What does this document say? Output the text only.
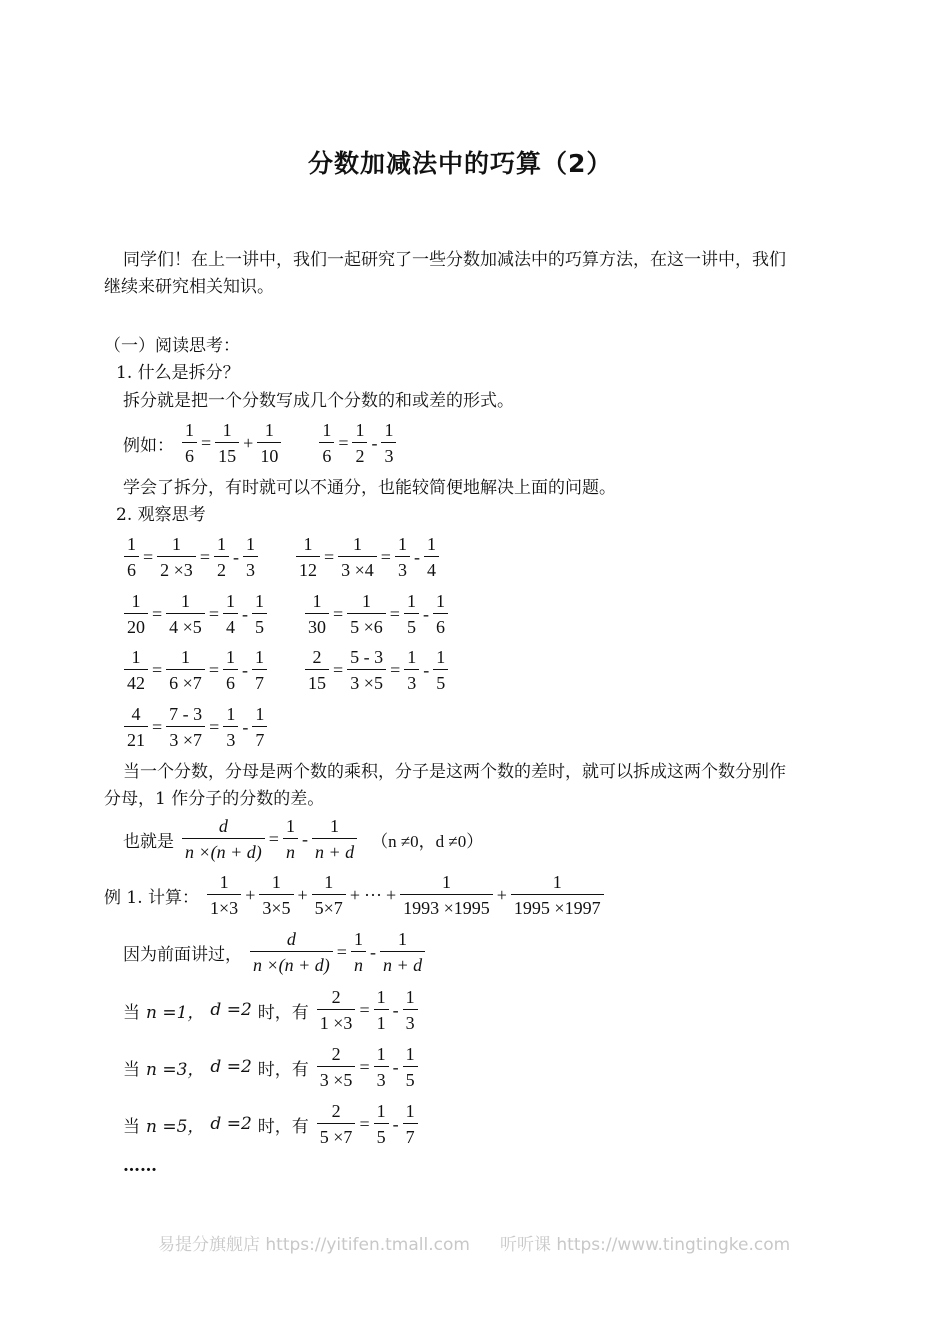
分数加减法中的巧算（2）
同学们！在上一讲中，我们一起研究了一些分数加减法中的巧算方法，在这一讲中，我们
继续来研究相关知识。
（一）阅读思考：
1. 什么是拆分？
拆分就是把一个分数写成几个分数的和或差的形式。
例如： $\frac{1}{6} = \frac{1}{15} + \frac{1}{10} \frac{1}{6} = \frac{1}{2} - \frac{1}{3}$
学会了拆分，有时就可以不通分，也能较简便地解决上面的问题。
2. 观察思考
$\frac{1}{6} = \frac{1}{2 \times 3} = \frac{1}{2} - \frac{1}{3} \frac{1}{12} = \frac{1}{3 \times 4} = \frac{1}{3} - \frac{1}{4}$
$\frac{1}{20} = \frac{1}{4 \times 5} = \frac{1}{4} - \frac{1}{5} \frac{1}{30} = \frac{1}{5 \times 6} = \frac{1}{5} - \frac{1}{6}$
$\frac{1}{42} = \frac{1}{6 \times 7} = \frac{1}{6} - \frac{1}{7} \frac{2}{15} = \frac{5 - 3}{3 \times 5} = \frac{1}{3} - \frac{1}{5}$
$\frac{4}{21} = \frac{7 - 3}{3 \times 7} = \frac{1}{3} - \frac{1}{7}$
当一个分数，分母是两个数的乘积，分子是这两个数的差时，就可以拆成这两个数分别作
分母，1 作分子的分数的差。
也就是 $\frac{d}{n \times(n + d)} = \frac{1}{n} - \frac{1}{n + d} (n \ne 0$，d ≠0）
例 1. 计算： $\frac{1}{1\times 3} + \frac{1}{3\times 5} + \frac{1}{5\times 7}$ + ··· + $\frac{1}{1993 \times 1995} + \frac{1}{1995 \times 1997}$
因为前面讲过， $\frac{d}{n \times(n + d)} = \frac{1}{n} - \frac{1}{n + d}$
当 n =1， d =2 时，有 $\frac{2}{1 \times 3} = \frac{1}{1} - \frac{1}{3}$
当 n =3， d =2 时，有 $\frac{2}{3 \times 5} = \frac{1}{3} - \frac{1}{5}$
当 n =5， d =2 时，有 $\frac{2}{5 \times 7} = \frac{1}{5} - \frac{1}{7}$
……
易提分旗舰店 https://yitifen.tmall.com 听听课 https://www.tingtingke.com
